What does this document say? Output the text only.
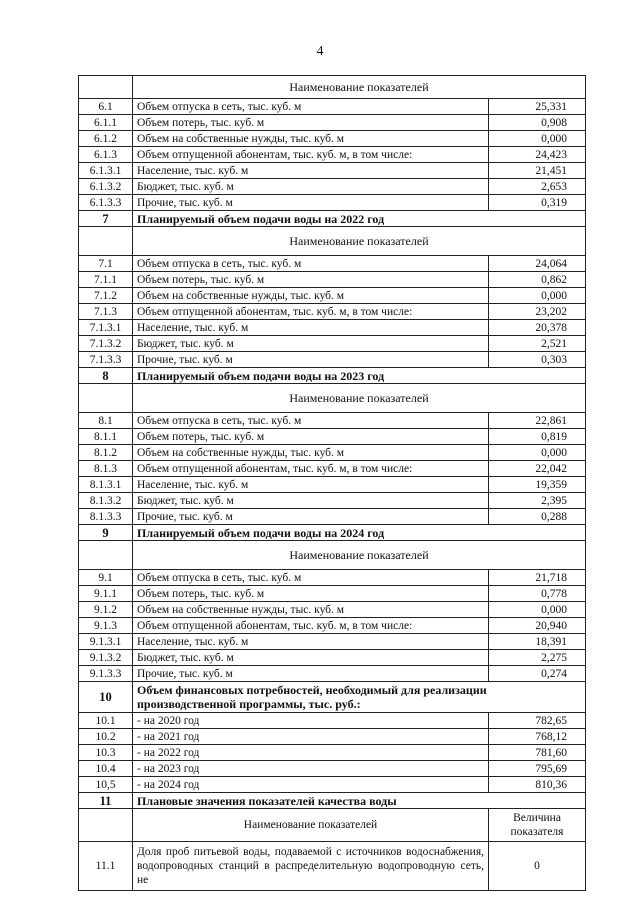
4
	Наименование показателей	
6.1	Объем отпуска в сеть, тыс. куб. м	25,331
6.1.1	Объем потерь, тыс. куб. м	0,908
6.1.2	Объем на собственные нужды, тыс. куб. м	0,000
6.1.3	Объем отпущенной абонентам, тыс. куб. м, в том числе:	24,423
6.1.3.1	Население, тыс. куб. м	21,451
6.1.3.2	Бюджет, тыс. куб. м	2,653
6.1.3.3	Прочие, тыс. куб. м	0,319
7	Планируемый объем подачи воды на 2022 год	
	Наименование показателей	
7.1	Объем отпуска в сеть, тыс. куб. м	24,064
7.1.1	Объем потерь, тыс. куб. м	0,862
7.1.2	Объем на собственные нужды, тыс. куб. м	0,000
7.1.3	Объем отпущенной абонентам, тыс. куб. м, в том числе:	23,202
7.1.3.1	Население, тыс. куб. м	20,378
7.1.3.2	Бюджет, тыс. куб. м	2,521
7.1.3.3	Прочие, тыс. куб. м	0,303
8	Планируемый объем подачи воды на 2023 год	
	Наименование показателей	
8.1	Объем отпуска в сеть, тыс. куб. м	22,861
8.1.1	Объем потерь, тыс. куб. м	0,819
8.1.2	Объем на собственные нужды, тыс. куб. м	0,000
8.1.3	Объем отпущенной абонентам, тыс. куб. м, в том числе:	22,042
8.1.3.1	Население, тыс. куб. м	19,359
8.1.3.2	Бюджет, тыс. куб. м	2,395
8.1.3.3	Прочие, тыс. куб. м	0,288
9	Планируемый объем подачи воды на 2024 год	
	Наименование показателей	
9.1	Объем отпуска в сеть, тыс. куб. м	21,718
9.1.1	Объем потерь, тыс. куб. м	0,778
9.1.2	Объем на собственные нужды, тыс. куб. м	0,000
9.1.3	Объем отпущенной абонентам, тыс. куб. м, в том числе:	20,940
9.1.3.1	Население, тыс. куб. м	18,391
9.1.3.2	Бюджет, тыс. куб. м	2,275
9.1.3.3	Прочие, тыс. куб. м	0,274
10	Объем финансовых потребностей, необходимый для реализации производственной программы, тыс. руб.:	
10.1	- на 2020 год	782,65
10.2	- на 2021 год	768,12
10.3	- на 2022 год	781,60
10.4	- на 2023 год	795,69
10,5	- на 2024 год	810,36
11	Плановые значения показателей качества воды	
	Наименование показателей	Величина показателя
11.1	Доля проб питьевой воды, подаваемой с источников водоснабжения, водопроводных станций в распределительную водопроводную сеть, не	0
